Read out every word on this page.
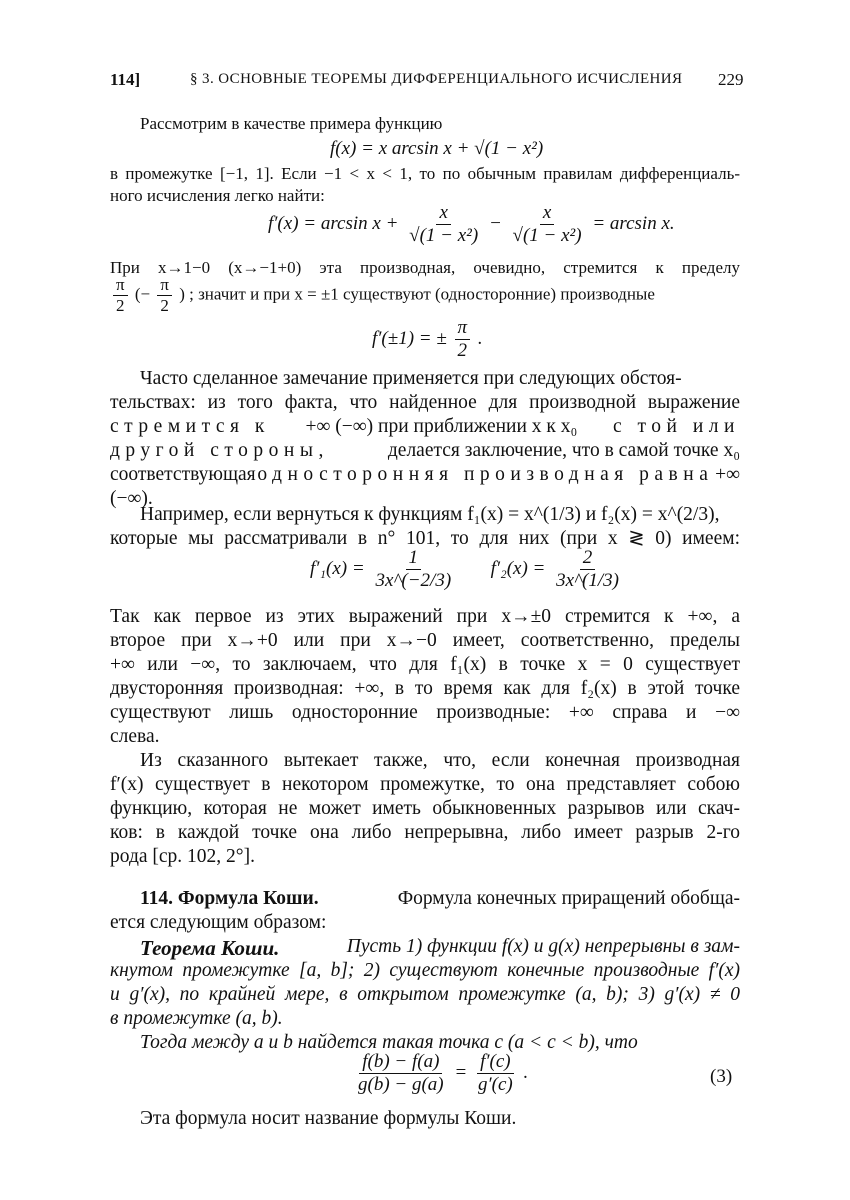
114]	§ 3. ОСНОВНЫЕ ТЕОРЕМЫ ДИФФЕРЕНЦИАЛЬНОГО ИСЧИСЛЕНИЯ 229
Рассмотрим в качестве примера функцию
f(x) = x arcsin x + √(1 − x²)
в промежутке [−1, 1]. Если −1 < x < 1, то по обычным правилам дифференциаль-
ного исчисления легко найти:
$f'(x) = \arcsin x + \frac{x}{\text{√(1 − x²)}} - \frac{x}{\text{√(1 − x²)}} = \arcsin x$.
При x→1−0 (x→−1+0) эта производная, очевидно, стремится к пределу
$\frac{\pi}{2}$ (− $\frac{\pi}{2}$ ) ; значит и при x = ±1 существуют (односторонние) производные
f′(±1) = ± $\frac{\pi}{2}$ .
Часто сделанное замечание применяется при следующих обстоя-
тельствах: из того факта, что найденное для производной выражение
стремится к +∞ (−∞) при приближении x к x₀ с той или
другой стороны,	делается заключение, что в самой точке x₀
соответствующая односторонняя производная равна +∞
(−∞).
Например, если вернуться к функциям f₁(x) = x^(1/3) и f₂(x) = x^(2/3),
которые мы рассматривали в n° 101, то для них (при x ≷ 0) имеем:
$f'_1(x) = \frac{1}{3x\^{}(-2/3)} f'_2(x) = \frac{2}{3x\^{}(1/3)}$
Так как первое из этих выражений при x→±0 стремится к +∞, а
второе при x→+0 или при x→−0 имеет, соответственно, пределы
+∞ или −∞, то заключаем, что для f₁(x) в точке x = 0 существует
двусторонняя производная: +∞, в то время как для f₂(x) в этой точке
существуют лишь односторонние производные: +∞ справа и −∞
слева.
Из сказанного вытекает также, что, если конечная производная
f′(x) существует в некотором промежутке, то она представляет собою
функцию, которая не может иметь обыкновенных разрывов или скач-
ков: в каждой точке она либо непрерывна, либо имеет разрыв 2-го
рода [ср. 102, 2°].
114. Формула Коши.	Формула конечных приращений обобща-
ется следующим образом:
Теорема Коши.	Пусть 1) функции f(x) и g(x) непрерывны в зам-
кнутом промежутке [a, b]; 2) существуют конечные производные f′(x)
и g′(x), по крайней мере, в открытом промежутке (a, b); 3) g′(x) ≠ 0
в промежутке (a, b).
Тогда между a и b найдется такая точка c (a < c < b), что
$\frac{f(b) - f(a)}{g(b) - g(a)} = \frac{f'(c)}{g'(c)}$ .	(3)
Эта формула носит название формулы Коши.
